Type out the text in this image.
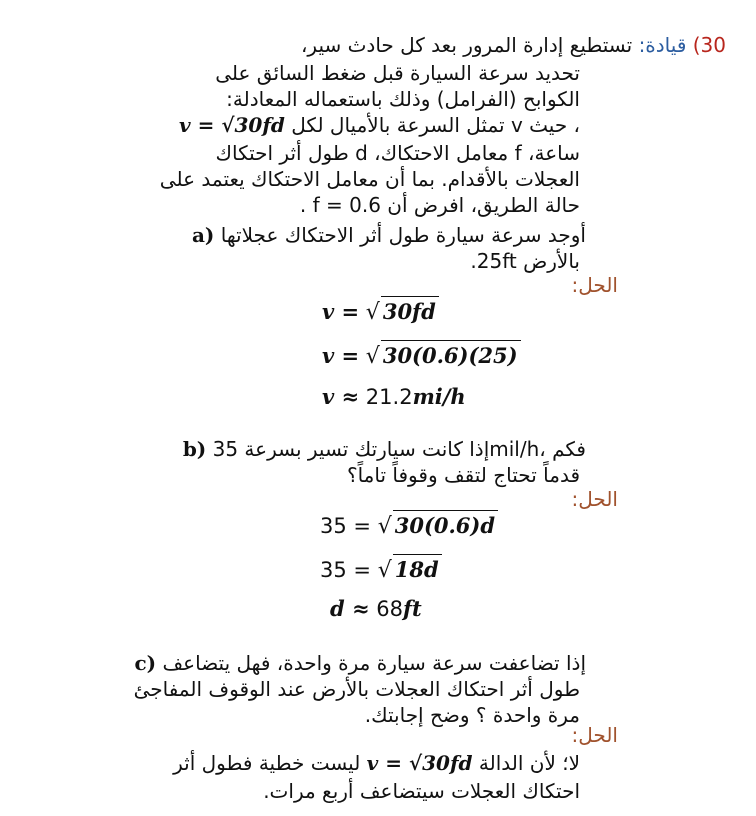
30) قيادة: تستطيع إدارة المرور بعد كل حادث سير،
تحديد سرعة السيارة قبل ضغط السائق على
الكوابح (الفرامل) وذلك باستعماله المعادلة:
، حيث v تمثل السرعة بالأميال لكل v = √30fd
ساعة، f معامل الاحتكاك، d طول أثر احتكاك
العجلات بالأقدام. بما أن معامل الاحتكاك يعتمد على
حالة الطريق، افرض أن f = 0.6 .
a) أوجد سرعة سيارة طول أثر الاحتكاك عجلاتها
بالأرض 25ft.
الحل:
v = √ 30fd
v = √ 30(0.6)(25)
v ≈ 21.2mi/h
b) إذا كانت سيارتك تسير بسرعة 35mil/h، فكم
قدماً تحتاج لتقف وقوفاً تاماً؟
الحل:
35 = √ 30(0.6)d
35 = √ 18d
d ≈ 68ft
c) إذا تضاعفت سرعة سيارة مرة واحدة، فهل يتضاعف
طول أثر احتكاك العجلات بالأرض عند الوقوف المفاجئ
مرة واحدة ؟ وضح إجابتك.
الحل:
لا؛ لأن الدالة v = √30fd ليست خطية فطول أثر
احتكاك العجلات سيتضاعف أربع مرات.
